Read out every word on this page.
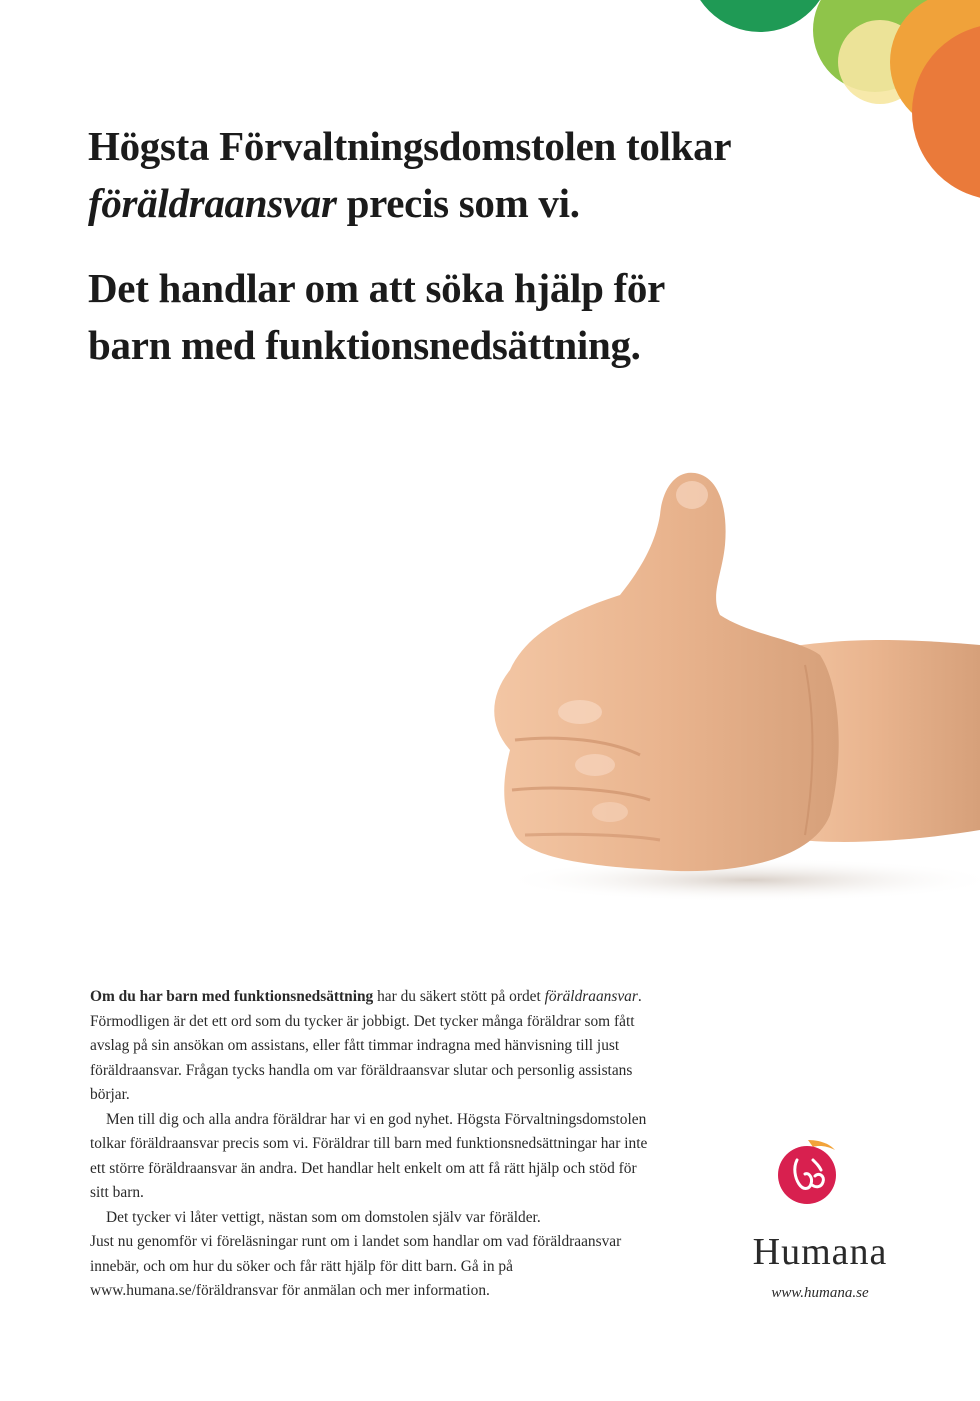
Högsta Förvaltningsdomstolen tolkar
föräldraansvar precis som vi.
Det handlar om att söka hjälp för
barn med funktionsnedsättning.

Om du har barn med funktionsnedsättning har du säkert stött på ordet föräldraansvar. Förmodligen är det ett ord som du tycker är jobbigt. Det tycker många föräldrar som fått avslag på sin ansökan om assistans, eller fått timmar indragna med hänvisning till just föräldraansvar. Frågan tycks handla om var föräldraansvar slutar och personlig assistans börjar.

Men till dig och alla andra föräldrar har vi en god nyhet. Högsta Förvaltningsdomstolen tolkar föräldraansvar precis som vi. Föräldrar till barn med funktionsnedsättningar har inte ett större föräldraansvar än andra. Det handlar helt enkelt om att få rätt hjälp och stöd för sitt barn.

Det tycker vi låter vettigt, nästan som om domstolen själv var förälder.

Just nu genomför vi föreläsningar runt om i landet som handlar om vad föräldraansvar innebär, och om hur du söker och får rätt hjälp för ditt barn. Gå in på www.humana.se/föräldransvar för anmälan och mer information.

Humana
www.humana.se
